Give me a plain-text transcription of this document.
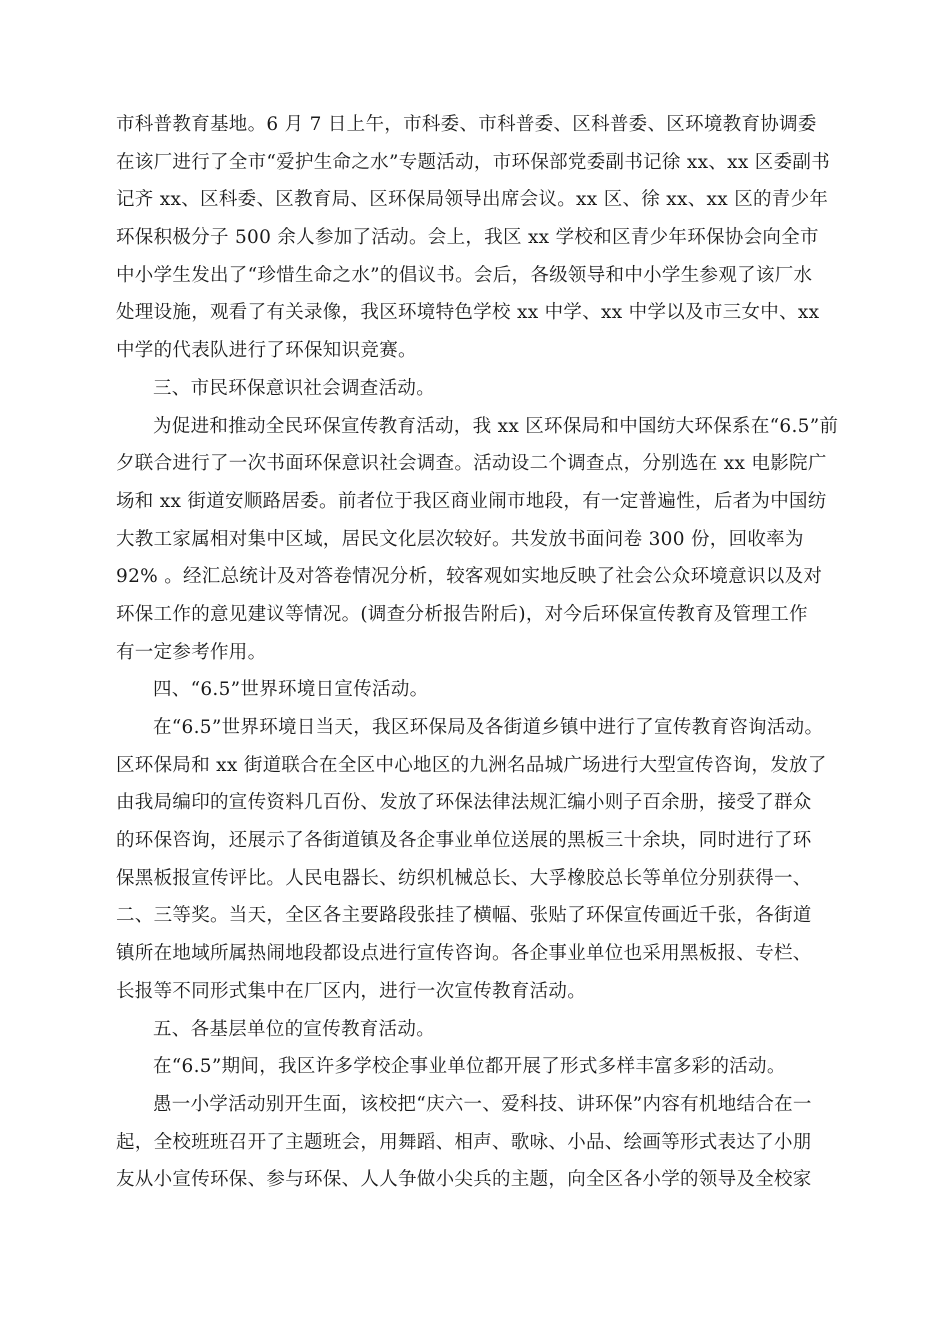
市科普教育基地。6 月 7 日上午，市科委、市科普委、区科普委、区环境教育协调委
在该厂进行了全市“爱护生命之水”专题活动，市环保部党委副书记徐 xx、xx 区委副书
记齐 xx、区科委、区教育局、区环保局领导出席会议。xx 区、徐 xx、xx 区的青少年
环保积极分子 500 余人参加了活动。会上，我区 xx 学校和区青少年环保协会向全市
中小学生发出了“珍惜生命之水”的倡议书。会后，各级领导和中小学生参观了该厂水
处理设施，观看了有关录像，我区环境特色学校 xx 中学、xx 中学以及市三女中、xx
中学的代表队进行了环保知识竞赛。
三、市民环保意识社会调查活动。
为促进和推动全民环保宣传教育活动，我 xx 区环保局和中国纺大环保系在“6.5”前
夕联合进行了一次书面环保意识社会调查。活动设二个调查点，分别选在 xx 电影院广
场和 xx 街道安顺路居委。前者位于我区商业闹市地段，有一定普遍性，后者为中国纺
大教工家属相对集中区域，居民文化层次较好。共发放书面问卷 300 份，回收率为
92% 。经汇总统计及对答卷情况分析，较客观如实地反映了社会公众环境意识以及对
环保工作的意见建议等情况。(调查分析报告附后)，对今后环保宣传教育及管理工作
有一定参考作用。
四、“6.5”世界环境日宣传活动。
在“6.5”世界环境日当天，我区环保局及各街道乡镇中进行了宣传教育咨询活动。
区环保局和 xx 街道联合在全区中心地区的九洲名品城广场进行大型宣传咨询，发放了
由我局编印的宣传资料几百份、发放了环保法律法规汇编小则子百余册，接受了群众
的环保咨询，还展示了各街道镇及各企事业单位送展的黑板三十余块，同时进行了环
保黑板报宣传评比。人民电器长、纺织机械总长、大孚橡胶总长等单位分别获得一、
二、三等奖。当天，全区各主要路段张挂了横幅、张贴了环保宣传画近千张，各街道
镇所在地域所属热闹地段都设点进行宣传咨询。各企事业单位也采用黑板报、专栏、
长报等不同形式集中在厂区内，进行一次宣传教育活动。
五、各基层单位的宣传教育活动。
在“6.5”期间，我区许多学校企事业单位都开展了形式多样丰富多彩的活动。
愚一小学活动别开生面，该校把“庆六一、爱科技、讲环保”内容有机地结合在一
起，全校班班召开了主题班会，用舞蹈、相声、歌咏、小品、绘画等形式表达了小朋
友从小宣传环保、参与环保、人人争做小尖兵的主题，向全区各小学的领导及全校家
